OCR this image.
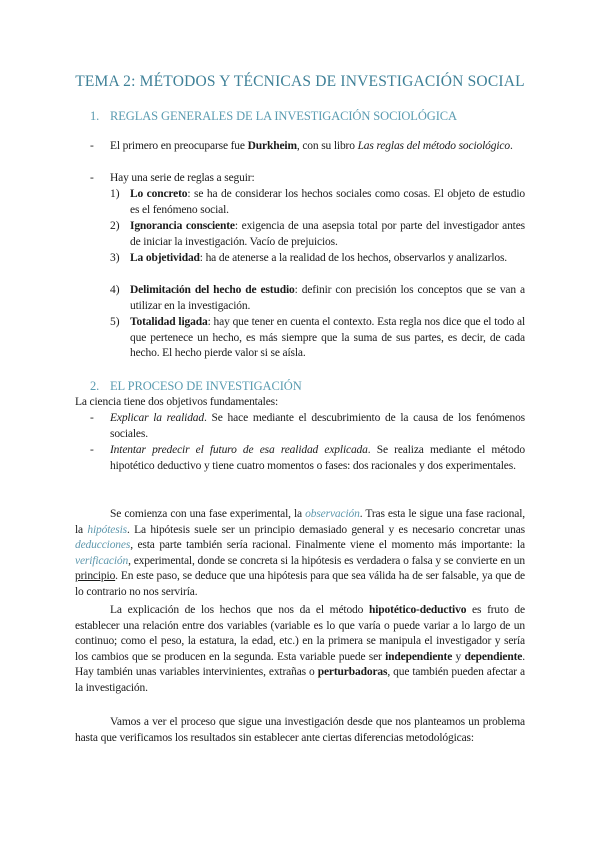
TEMA 2: MÉTODOS Y TÉCNICAS DE INVESTIGACIÓN SOCIAL
1. REGLAS GENERALES DE LA INVESTIGACIÓN SOCIOLÓGICA
- El primero en preocuparse fue Durkheim, con su libro Las reglas del método sociológico.
- Hay una serie de reglas a seguir:
1) Lo concreto: se ha de considerar los hechos sociales como cosas. El objeto de estudio es el fenómeno social.
2) Ignorancia consciente: exigencia de una asepsia total por parte del investigador antes de iniciar la investigación. Vacío de prejuicios.
3) La objetividad: ha de atenerse a la realidad de los hechos, observarlos y analizarlos.
4) Delimitación del hecho de estudio: definir con precisión los conceptos que se van a utilizar en la investigación.
5) Totalidad ligada: hay que tener en cuenta el contexto. Esta regla nos dice que el todo al que pertenece un hecho, es más siempre que la suma de sus partes, es decir, de cada hecho. El hecho pierde valor si se aísla.
2. EL PROCESO DE INVESTIGACIÓN
La ciencia tiene dos objetivos fundamentales:
- Explicar la realidad. Se hace mediante el descubrimiento de la causa de los fenómenos sociales.
- Intentar predecir el futuro de esa realidad explicada. Se realiza mediante el método hipotético deductivo y tiene cuatro momentos o fases: dos racionales y dos experimentales.
Se comienza con una fase experimental, la observación. Tras esta le sigue una fase racional, la hipótesis. La hipótesis suele ser un principio demasiado general y es necesario concretar unas deducciones, esta parte también sería racional. Finalmente viene el momento más importante: la verificación, experimental, donde se concreta si la hipótesis es verdadera o falsa y se convierte en un principio. En este paso, se deduce que una hipótesis para que sea válida ha de ser falsable, ya que de lo contrario no nos serviría.
La explicación de los hechos que nos da el método hipotético-deductivo es fruto de establecer una relación entre dos variables (variable es lo que varía o puede variar a lo largo de un continuo; como el peso, la estatura, la edad, etc.) en la primera se manipula el investigador y sería los cambios que se producen en la segunda. Esta variable puede ser independiente y dependiente. Hay también unas variables intervinientes, extrañas o perturbadoras, que también pueden afectar a la investigación.
Vamos a ver el proceso que sigue una investigación desde que nos planteamos un problema hasta que verificamos los resultados sin establecer ante ciertas diferencias metodológicas:
